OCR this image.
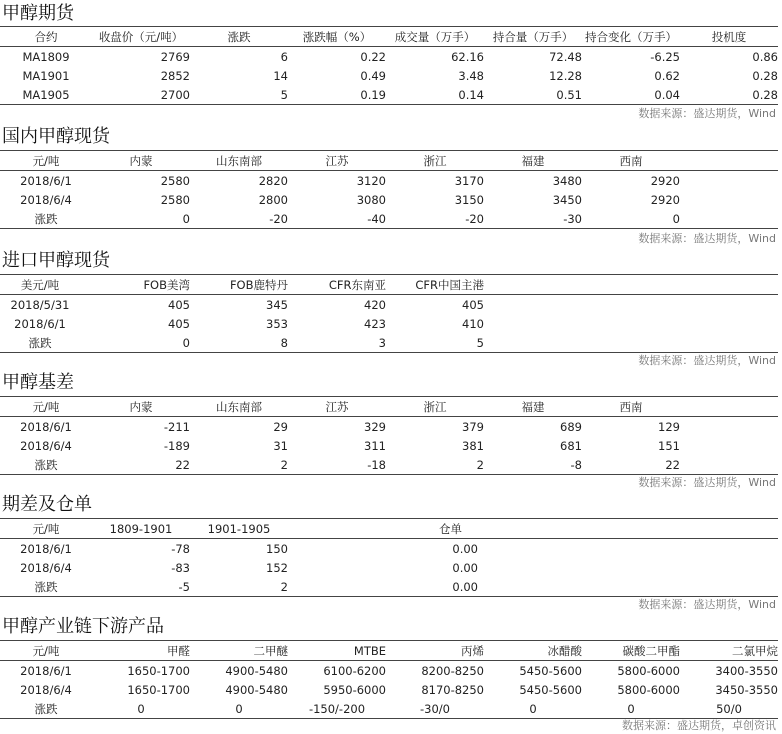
甲醇期货
合约	收盘价（元/吨）	涨跌	涨跌幅（%）	成交量（万手）	持合量（万手）	持合变化（万手）	投机度
MA1809	2769	6	0.22	62.16	72.48	-6.25	0.86
MA1901	2852	14	0.49	3.48	12.28	0.62	0.28
MA1905	2700	5	0.19	0.14	0.51	0.04	0.28
数据来源：盛达期货，Wind
国内甲醇现货
元/吨	内蒙	山东南部	江苏	浙江	福建	西南	
2018/6/1	2580	2820	3120	3170	3480	2920	
2018/6/4	2580	2800	3080	3150	3450	2920	
涨跌	0	-20	-40	-20	-30	0	
数据来源：盛达期货，Wind
进口甲醇现货
美元/吨	FOB美湾	FOB鹿特丹	CFR东南亚	CFR中国主港	
2018/5/31	405	345	420	405	
2018/6/1	405	353	423	410	
涨跌	0	8	3	5	
数据来源：盛达期货，Wind
甲醇基差
元/吨	内蒙	山东南部	江苏	浙江	福建	西南	
2018/6/1	-211	29	329	379	689	129	
2018/6/4	-189	31	311	381	681	151	
涨跌	22	2	-18	2	-8	22	
数据来源：盛达期货，Wind
期差及仓单
元/吨	1809-1901	1901-1905	仓单	
2018/6/1	-78	150	0.00	
2018/6/4	-83	152	0.00	
涨跌	-5	2	0.00	
数据来源：盛达期货，Wind
甲醇产业链下游产品
元/吨	甲醛	二甲醚	MTBE	丙烯	冰醋酸	碳酸二甲酯	二氯甲烷
2018/6/1	1650-1700	4900-5480	6100-6200	8200-8250	5450-5600	5800-6000	3400-3550
2018/6/4	1650-1700	4900-5480	5950-6000	8170-8250	5450-5600	5800-6000	3450-3550
涨跌	0	0	-150/-200	-30/0	0	0	50/0
数据来源：盛达期货，卓创资讯
